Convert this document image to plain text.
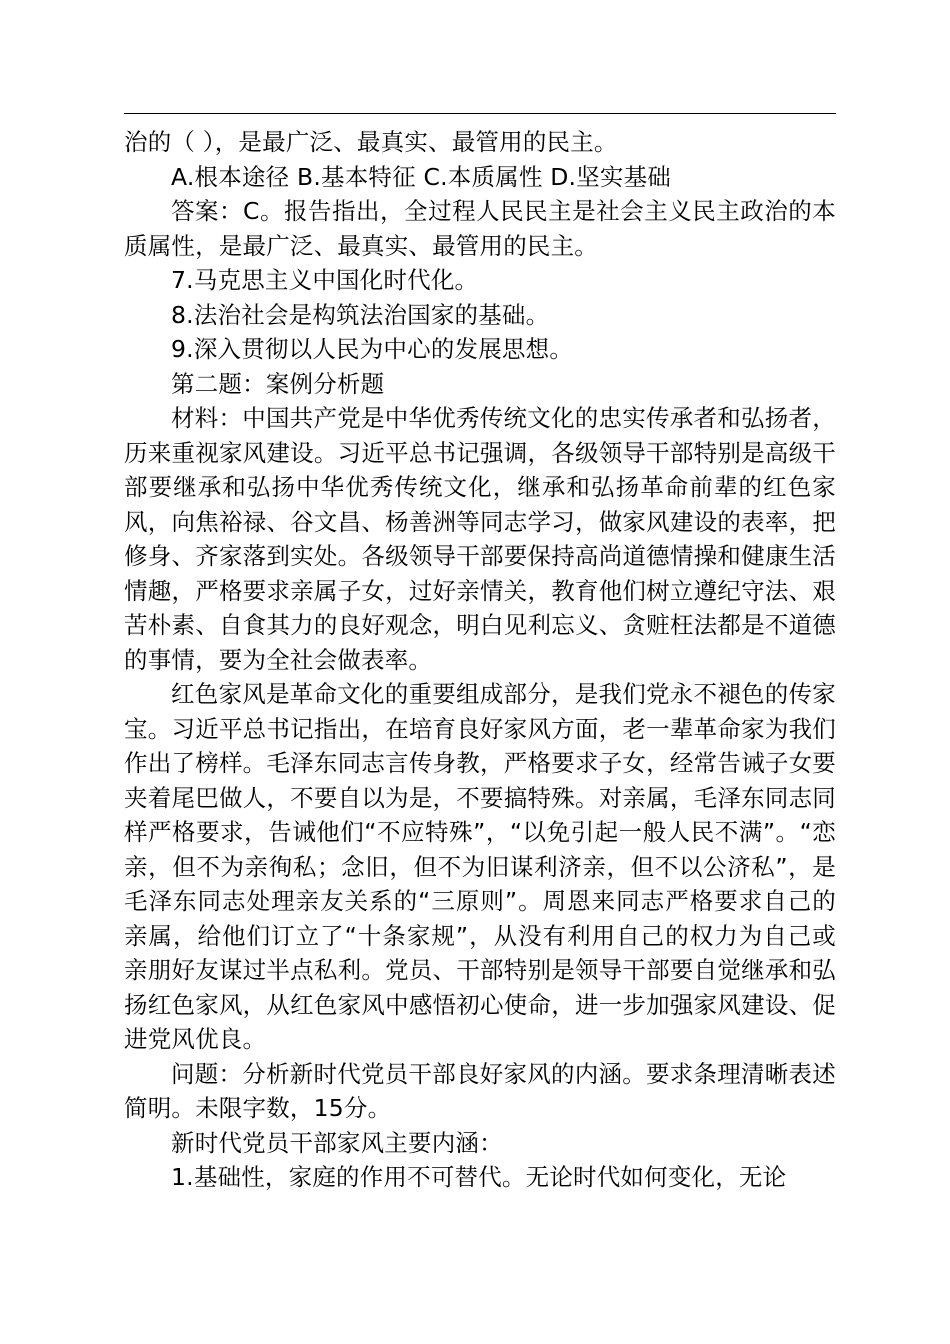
治的（ ），是最广泛、最真实、最管用的民主。

A.根本途径 B.基本特征 C.本质属性 D.坚实基础

答案：C。报告指出，全过程人民民主是社会主义民主政治的本质属性，是最广泛、最真实、最管用的民主。

7.马克思主义中国化时代化。

8.法治社会是构筑法治国家的基础。

9.深入贯彻以人民为中心的发展思想。

第二题：案例分析题

材料：中国共产党是中华优秀传统文化的忠实传承者和弘扬者，历来重视家风建设。习近平总书记强调，各级领导干部特别是高级干部要继承和弘扬中华优秀传统文化，继承和弘扬革命前辈的红色家风，向焦裕禄、谷文昌、杨善洲等同志学习，做家风建设的表率，把修身、齐家落到实处。各级领导干部要保持高尚道德情操和健康生活情趣，严格要求亲属子女，过好亲情关，教育他们树立遵纪守法、艰苦朴素、自食其力的良好观念，明白见利忘义、贪赃枉法都是不道德的事情，要为全社会做表率。

红色家风是革命文化的重要组成部分，是我们党永不褪色的传家宝。习近平总书记指出，在培育良好家风方面，老一辈革命家为我们作出了榜样。毛泽东同志言传身教，严格要求子女，经常告诫子女要夹着尾巴做人，不要自以为是，不要搞特殊。对亲属，毛泽东同志同样严格要求，告诫他们“不应特殊”，“以免引起一般人民不满”。“恋亲，但不为亲徇私；念旧，但不为旧谋利济亲，但不以公济私”，是毛泽东同志处理亲友关系的“三原则”。周恩来同志严格要求自己的亲属，给他们订立了“十条家规”，从没有利用自己的权力为自己或亲朋好友谋过半点私利。党员、干部特别是领导干部要自觉继承和弘扬红色家风，从红色家风中感悟初心使命，进一步加强家风建设、促进党风优良。

问题：分析新时代党员干部良好家风的内涵。要求条理清晰表述简明。未限字数，15分。

新时代党员干部家风主要内涵：

1.基础性，家庭的作用不可替代。无论时代如何变化，无论
